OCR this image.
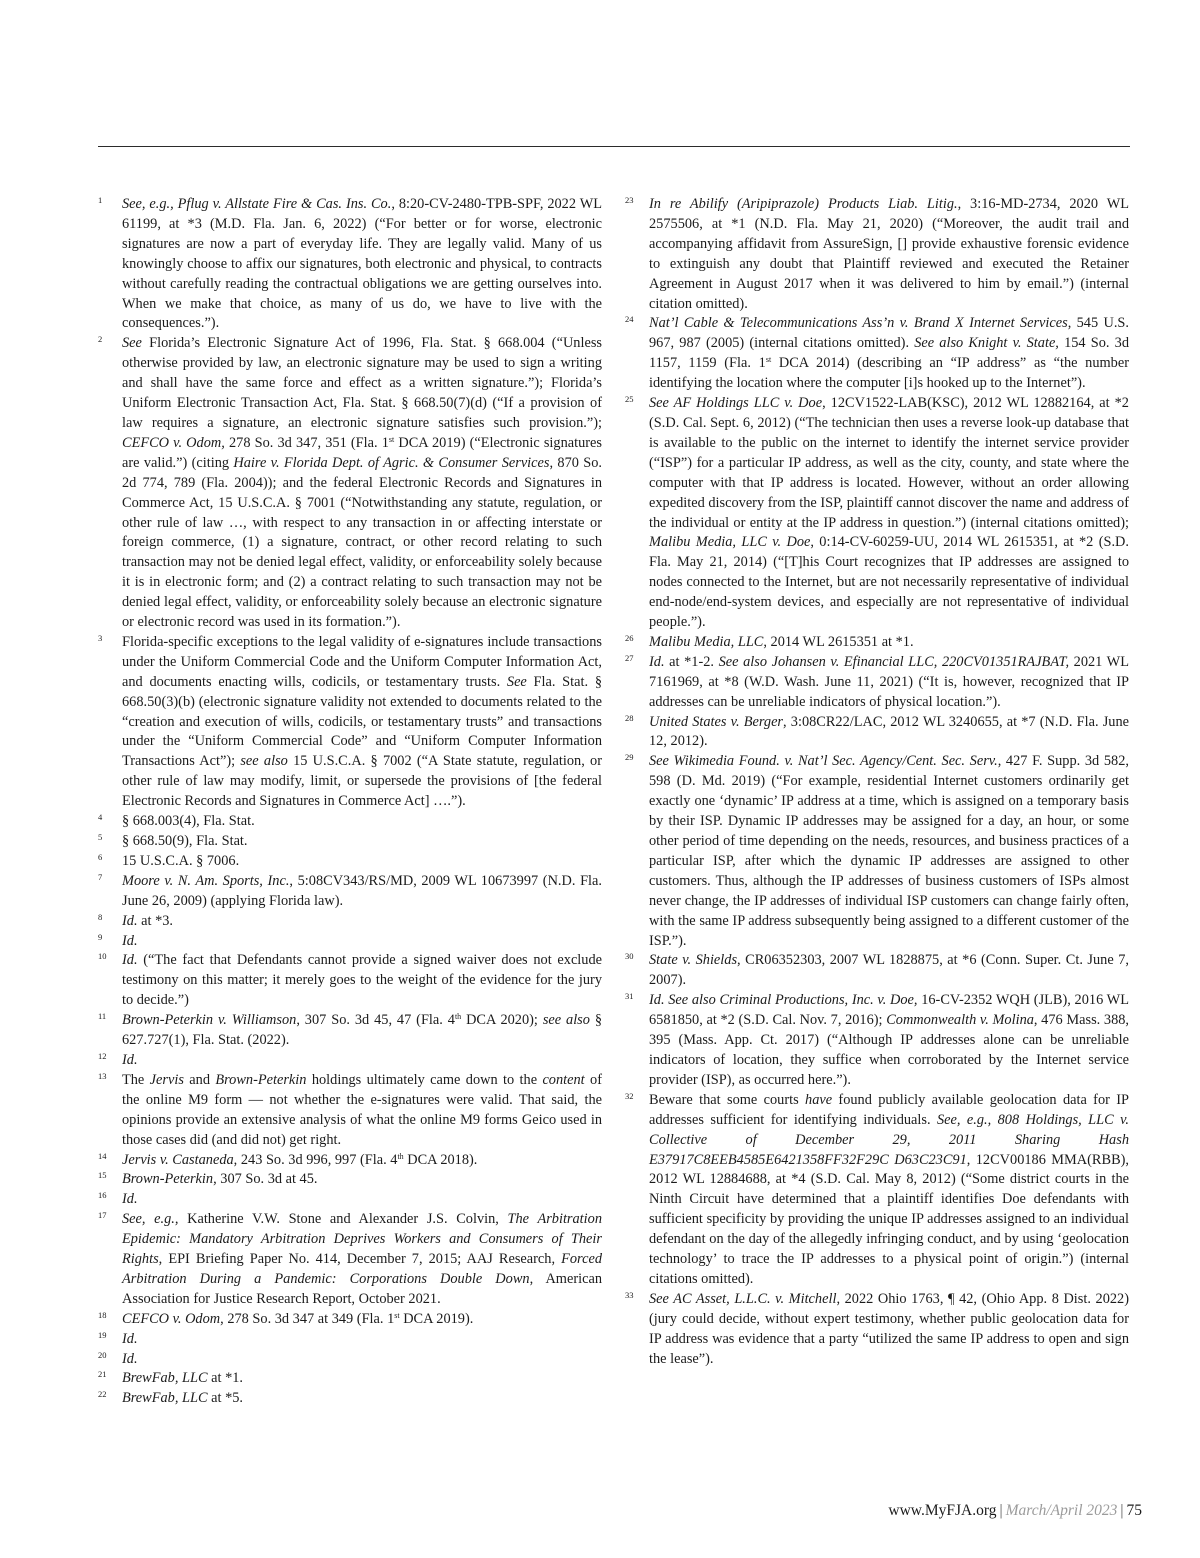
1 See, e.g., Pflug v. Allstate Fire & Cas. Ins. Co., 8:20-CV-2480-TPB-SPF, 2022 WL 61199, at *3 (M.D. Fla. Jan. 6, 2022) (“For better or for worse, electronic signatures are now a part of everyday life. They are legally valid. Many of us knowingly choose to affix our signatures, both electronic and physical, to contracts without carefully reading the contractual obligations we are getting ourselves into. When we make that choice, as many of us do, we have to live with the consequences.”).
2 See Florida’s Electronic Signature Act of 1996, Fla. Stat. § 668.004 (“Unless otherwise provided by law, an electronic signature may be used to sign a writing and shall have the same force and effect as a written signature.”); Florida’s Uniform Electronic Transaction Act, Fla. Stat. § 668.50(7)(d) (“If a provision of law requires a signature, an electronic signature satisfies such provision.”); CEFCO v. Odom, 278 So. 3d 347, 351 (Fla. 1st DCA 2019) (“Electronic signatures are valid.”) (citing Haire v. Florida Dept. of Agric. & Consumer Services, 870 So. 2d 774, 789 (Fla. 2004)); and the federal Electronic Records and Signatures in Commerce Act, 15 U.S.C.A. § 7001 (“Notwithstanding any statute, regulation, or other rule of law …, with respect to any transaction in or affecting interstate or foreign commerce, (1) a signature, contract, or other record relating to such transaction may not be denied legal effect, validity, or enforceability solely because it is in electronic form; and (2) a contract relating to such transaction may not be denied legal effect, validity, or enforceability solely because an electronic signature or electronic record was used in its formation.”).
3 Florida-specific exceptions to the legal validity of e-signatures include transactions under the Uniform Commercial Code and the Uniform Computer Information Act, and documents enacting wills, codicils, or testamentary trusts. See Fla. Stat. § 668.50(3)(b) (electronic signature validity not extended to documents related to the “creation and execution of wills, codicils, or testamentary trusts” and transactions under the “Uniform Commercial Code” and “Uniform Computer Information Transactions Act”); see also 15 U.S.C.A. § 7002 (“A State statute, regulation, or other rule of law may modify, limit, or supersede the provisions of [the federal Electronic Records and Signatures in Commerce Act] ….”).
4 § 668.003(4), Fla. Stat.
5 § 668.50(9), Fla. Stat.
6 15 U.S.C.A. § 7006.
7 Moore v. N. Am. Sports, Inc., 5:08CV343/RS/MD, 2009 WL 10673997 (N.D. Fla. June 26, 2009) (applying Florida law).
8 Id. at *3.
9 Id.
10 Id. (“The fact that Defendants cannot provide a signed waiver does not exclude testimony on this matter; it merely goes to the weight of the evidence for the jury to decide.”)
11 Brown-Peterkin v. Williamson, 307 So. 3d 45, 47 (Fla. 4th DCA 2020); see also § 627.727(1), Fla. Stat. (2022).
12 Id.
13 The Jervis and Brown-Peterkin holdings ultimately came down to the content of the online M9 form — not whether the e-signatures were valid. That said, the opinions provide an extensive analysis of what the online M9 forms Geico used in those cases did (and did not) get right.
14 Jervis v. Castaneda, 243 So. 3d 996, 997 (Fla. 4th DCA 2018).
15 Brown-Peterkin, 307 So. 3d at 45.
16 Id.
17 See, e.g., Katherine V.W. Stone and Alexander J.S. Colvin, The Arbitration Epidemic: Mandatory Arbitration Deprives Workers and Consumers of Their Rights, EPI Briefing Paper No. 414, December 7, 2015; AAJ Research, Forced Arbitration During a Pandemic: Corporations Double Down, American Association for Justice Research Report, October 2021.
18 CEFCO v. Odom, 278 So. 3d 347 at 349 (Fla. 1st DCA 2019).
19 Id.
20 Id.
21 BrewFab, LLC at *1.
22 BrewFab, LLC at *5.
23 In re Abilify (Aripiprazole) Products Liab. Litig., 3:16-MD-2734, 2020 WL 2575506, at *1 (N.D. Fla. May 21, 2020) (“Moreover, the audit trail and accompanying affidavit from AssureSign, [] provide exhaustive forensic evidence to extinguish any doubt that Plaintiff reviewed and executed the Retainer Agreement in August 2017 when it was delivered to him by email.”) (internal citation omitted).
24 Nat’l Cable & Telecommunications Ass’n v. Brand X Internet Services, 545 U.S. 967, 987 (2005) (internal citations omitted). See also Knight v. State, 154 So. 3d 1157, 1159 (Fla. 1st DCA 2014) (describing an “IP address” as “the number identifying the location where the computer [i]s hooked up to the Internet”).
25 See AF Holdings LLC v. Doe, 12CV1522-LAB(KSC), 2012 WL 12882164, at *2 (S.D. Cal. Sept. 6, 2012) (“The technician then uses a reverse look-up database that is available to the public on the internet to identify the internet service provider (“ISP”) for a particular IP address, as well as the city, county, and state where the computer with that IP address is located. However, without an order allowing expedited discovery from the ISP, plaintiff cannot discover the name and address of the individual or entity at the IP address in question.”) (internal citations omitted); Malibu Media, LLC v. Doe, 0:14-CV-60259-UU, 2014 WL 2615351, at *2 (S.D. Fla. May 21, 2014) (“[T]his Court recognizes that IP addresses are assigned to nodes connected to the Internet, but are not necessarily representative of individual end-node/end-system devices, and especially are not representative of individual people.”).
26 Malibu Media, LLC, 2014 WL 2615351 at *1.
27 Id. at *1-2. See also Johansen v. Efinancial LLC, 220CV01351RAJBAT, 2021 WL 7161969, at *8 (W.D. Wash. June 11, 2021) (“It is, however, recognized that IP addresses can be unreliable indicators of physical location.”).
28 United States v. Berger, 3:08CR22/LAC, 2012 WL 3240655, at *7 (N.D. Fla. June 12, 2012).
29 See Wikimedia Found. v. Nat’l Sec. Agency/Cent. Sec. Serv., 427 F. Supp. 3d 582, 598 (D. Md. 2019) (“For example, residential Internet customers ordinarily get exactly one ‘dynamic’ IP address at a time, which is assigned on a temporary basis by their ISP. Dynamic IP addresses may be assigned for a day, an hour, or some other period of time depending on the needs, resources, and business practices of a particular ISP, after which the dynamic IP addresses are assigned to other customers. Thus, although the IP addresses of business customers of ISPs almost never change, the IP addresses of individual ISP customers can change fairly often, with the same IP address subsequently being assigned to a different customer of the ISP.”).
30 State v. Shields, CR06352303, 2007 WL 1828875, at *6 (Conn. Super. Ct. June 7, 2007).
31 Id. See also Criminal Productions, Inc. v. Doe, 16-CV-2352 WQH (JLB), 2016 WL 6581850, at *2 (S.D. Cal. Nov. 7, 2016); Commonwealth v. Molina, 476 Mass. 388, 395 (Mass. App. Ct. 2017) (“Although IP addresses alone can be unreliable indicators of location, they suffice when corroborated by the Internet service provider (ISP), as occurred here.”).
32 Beware that some courts have found publicly available geolocation data for IP addresses sufficient for identifying individuals. See, e.g., 808 Holdings, LLC v. Collective of December 29, 2011 Sharing Hash E37917C8EEB4585E6421358FF32F29C D63C23C91, 12CV00186 MMA(RBB), 2012 WL 12884688, at *4 (S.D. Cal. May 8, 2012) (“Some district courts in the Ninth Circuit have determined that a plaintiff identifies Doe defendants with sufficient specificity by providing the unique IP addresses assigned to an individual defendant on the day of the allegedly infringing conduct, and by using ‘geolocation technology’ to trace the IP addresses to a physical point of origin.”) (internal citations omitted).
33 See AC Asset, L.L.C. v. Mitchell, 2022 Ohio 1763, ¶ 42, (Ohio App. 8 Dist. 2022) (jury could decide, without expert testimony, whether public geolocation data for IP address was evidence that a party “utilized the same IP address to open and sign the lease”).
www.MyFJA.org | March/April 2023 | 75
